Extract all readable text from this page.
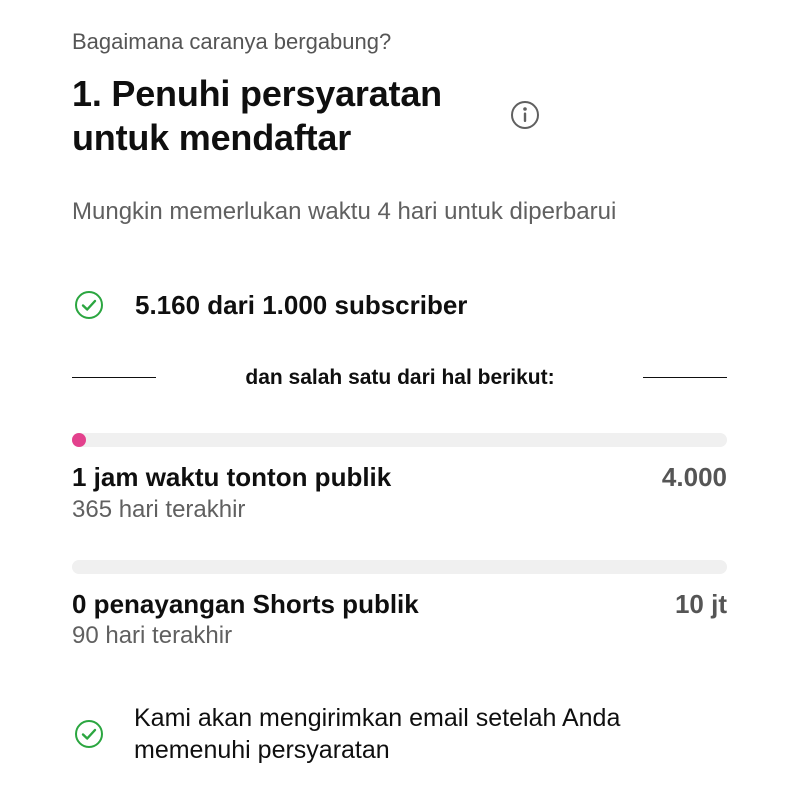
Bagaimana caranya bergabung?
1. Penuhi persyaratan untuk mendaftar
Mungkin memerlukan waktu 4 hari untuk diperbarui
5.160 dari 1.000 subscriber
dan salah satu dari hal berikut:
1 jam waktu tonton publik	4.000
365 hari terakhir
0 penayangan Shorts publik	10 jt
90 hari terakhir
Kami akan mengirimkan email setelah Anda memenuhi persyaratan
